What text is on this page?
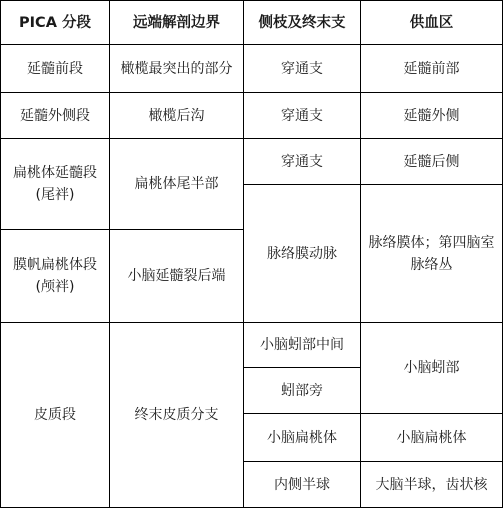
PICA 分段	远端解剖边界	侧枝及终末支	供血区
延髓前段	橄榄最突出的部分	穿通支	延髓前部
延髓外侧段	橄榄后沟	穿通支	延髓外侧

扁桃体延髓段
(尾袢)	扁桃体尾半部	穿通支	延髓后侧
		脉络膜动脉	脉络膜体；第四脑室脉络丛

膜帆扁桃体段
(颅袢)	小脑延髓裂后端		

皮质段	终末皮质分支	小脑蚓部中间	小脑蚓部
		蚓部旁	
		小脑扁桃体	小脑扁桃体
		内侧半球	大脑半球，齿状核
